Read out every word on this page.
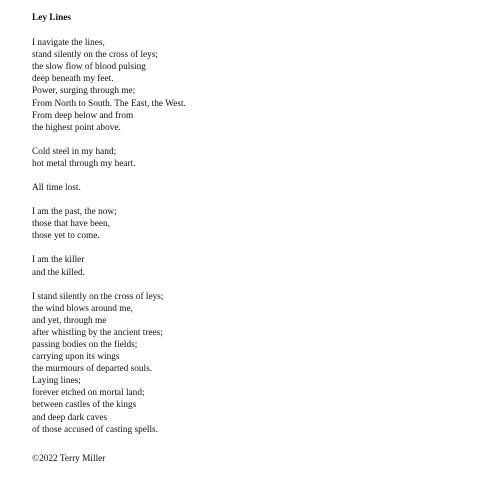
Ley Lines
I navigate the lines,
stand silently on the cross of leys;
the slow flow of blood pulsing
deep beneath my feet.
Power, surging through me;
From North to South. The East, the West.
From deep below and from
the highest point above.
Cold steel in my hand;
hot metal through my heart.
All time lost.
I am the past, the now;
those that have been,
those yet to come.
I am the killer
and the killed.
I stand silently on the cross of leys;
the wind blows around me,
and yet, through me
after whistling by the ancient trees;
passing bodies on the fields;
carrying upon its wings
the murmours of departed souls.
Laying lines;
forever etched on mortal land;
between castles of the kings
and deep dark caves
of those accused of casting spells.
©2022 Terry Miller
